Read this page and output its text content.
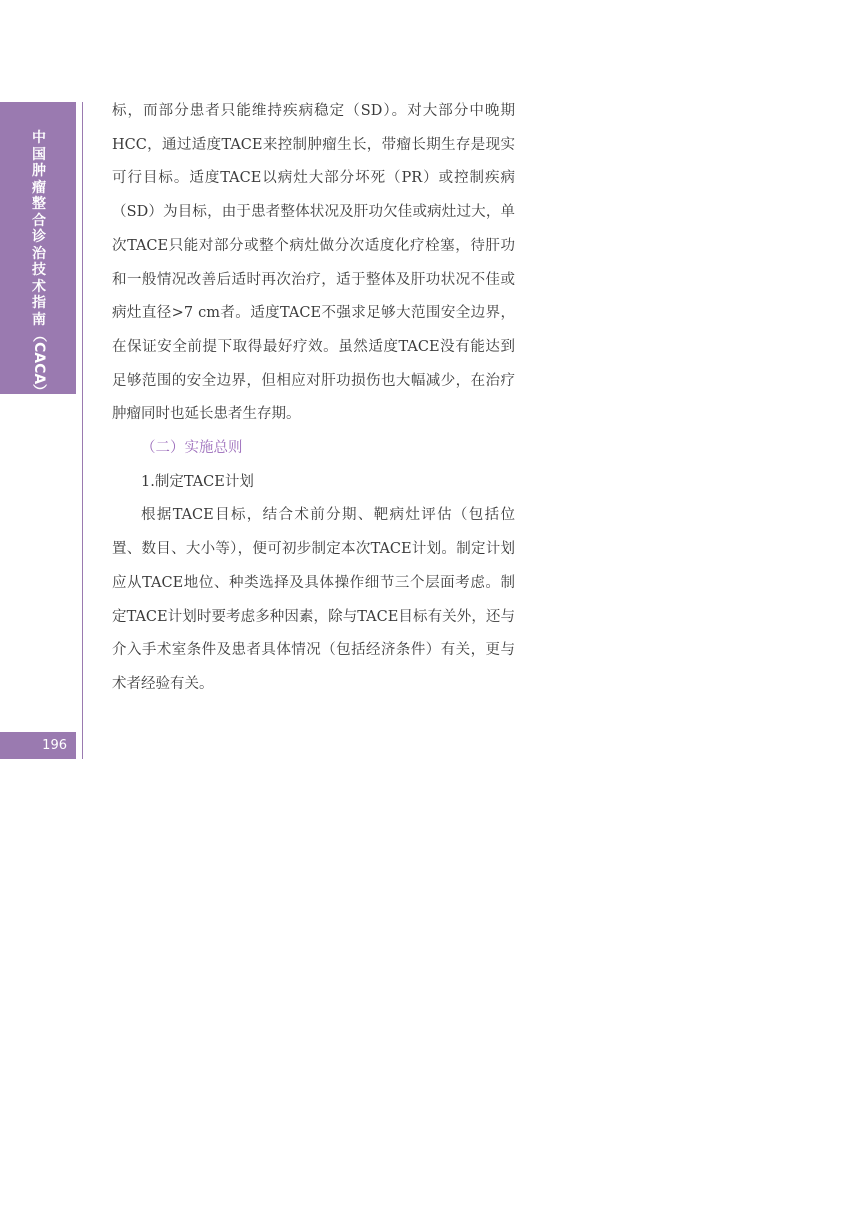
中国肿瘤整合诊治技术指南
（CACA）
196

标，而部分患者只能维持疾病稳定（SD）。对大部分中晚期HCC，通过适度TACE来控制肿瘤生长，带瘤长期生存是现实可行目标。适度TACE以病灶大部分坏死（PR）或控制疾病（SD）为目标，由于患者整体状况及肝功欠佳或病灶过大，单次TACE只能对部分或整个病灶做分次适度化疗栓塞，待肝功和一般情况改善后适时再次治疗，适于整体及肝功状况不佳或病灶直径>7 cm者。适度TACE不强求足够大范围安全边界，在保证安全前提下取得最好疗效。虽然适度TACE没有能达到足够范围的安全边界，但相应对肝功损伤也大幅减少，在治疗肿瘤同时也延长患者生存期。

（二）实施总则

1.制定TACE计划

根据TACE目标，结合术前分期、靶病灶评估（包括位置、数目、大小等），便可初步制定本次TACE计划。制定计划应从TACE地位、种类选择及具体操作细节三个层面考虑。制定TACE计划时要考虑多种因素，除与TACE目标有关外，还与介入手术室条件及患者具体情况（包括经济条件）有关，更与术者经验有关。
